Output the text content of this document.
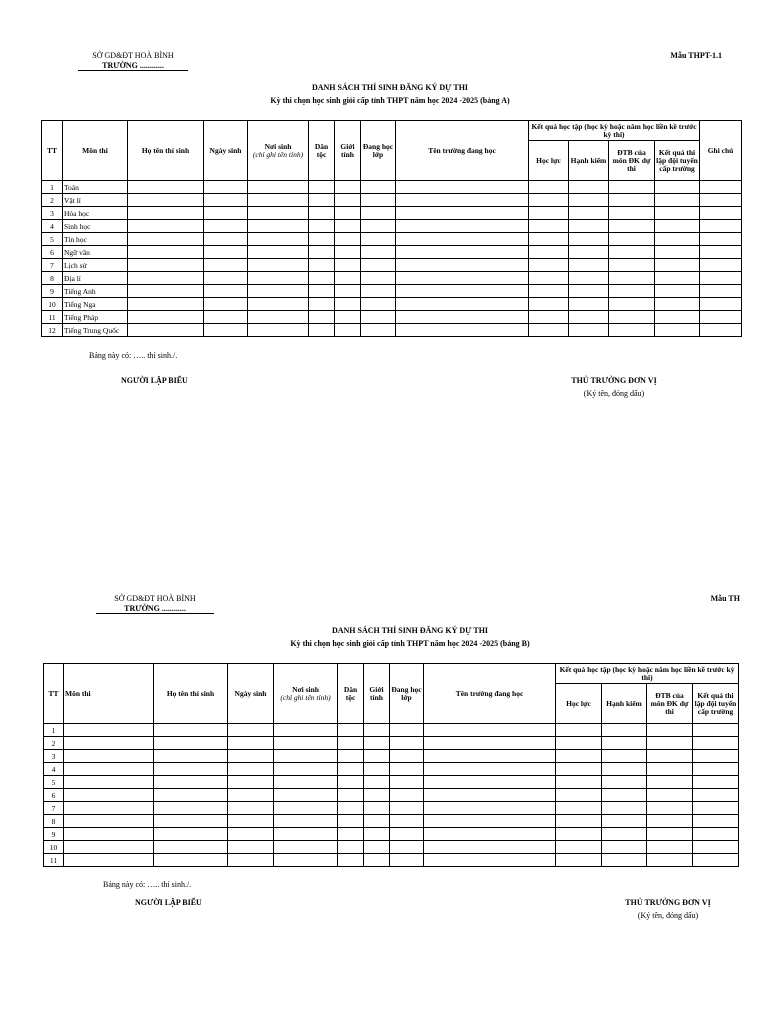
SỞ GD&ĐT HOÀ BÌNH
TRƯỜNG ............
Mẫu THPT-1.1
DANH SÁCH THÍ SINH ĐĂNG KÝ DỰ THI
Kỳ thi chọn học sinh giỏi cấp tỉnh THPT năm học 2024 -2025 (bảng A)
TT	Môn thi	Họ tên thí sinh	Ngày sinh	Nơi sinh
(chỉ ghi tên tỉnh)	Dân tộc	Giới tính	Đang học lớp	Tên trường đang học	Kết quả học tập (học kỳ hoặc năm học liền kề trước kỳ thi)				Ghi chú
									Học lực	Hạnh kiểm	ĐTB của môn ĐK dự thi	Kết quả thi lập đội tuyển cấp trường	
1	Toán												
2	Vật lí												
3	Hóa học												
4	Sinh học												
5	Tin học												
6	Ngữ văn												
7	Lịch sử												
8	Địa lí												
9	Tiếng Anh												
10	Tiếng Nga												
11	Tiếng Pháp												
12	Tiếng Trung Quốc												
Bảng này có: ….. thí sinh./.
NGƯỜI LẬP BIỂU	THỦ TRƯỞNG ĐƠN VỊ
(Ký tên, đóng dấu)
SỞ GD&ĐT HOÀ BÌNH
TRƯỜNG ............
Mẫu TH
DANH SÁCH THÍ SINH ĐĂNG KÝ DỰ THI
Kỳ thi chọn học sinh giỏi cấp tỉnh THPT năm học 2024 -2025 (bảng B)
TT	Môn thi	Họ tên thí sinh	Ngày sinh	Nơi sinh
(chỉ ghi tên tỉnh)	Dân tộc	Giới tính	Đang học lớp	Tên trường đang học	Kết quả học tập (học kỳ hoặc năm học liền kề trước kỳ thi)			
									Học lực	Hạnh kiểm	ĐTB của môn ĐK dự thi	Kết quả thi lập đội tuyển cấp trường
1												
2												
3												
4												
5												
6												
7												
8												
9												
10												
11												
Bảng này có: ….. thí sinh./.
NGƯỜI LẬP BIỂU	THỦ TRƯỞNG ĐƠN VỊ
(Ký tên, đóng dấu)
